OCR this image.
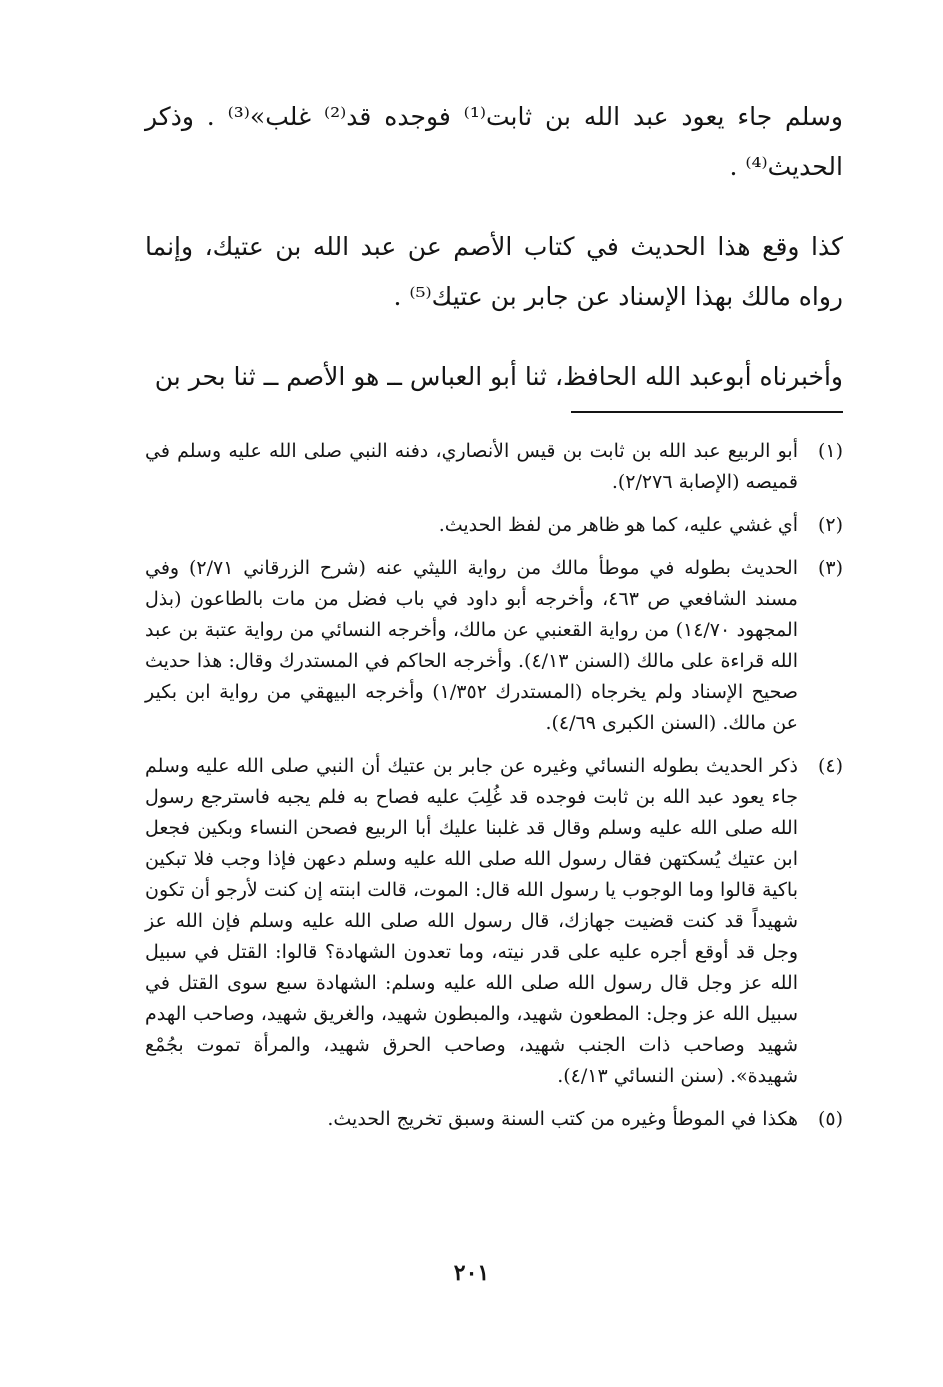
وسلم جاء يعود عبد الله بن ثابت⁽¹⁾ فوجده قد⁽²⁾ غلب»⁽³⁾ . وذكر الحديث⁽⁴⁾ .

كذا وقع هذا الحديث في كتاب الأصم عن عبد الله بن عتيك، وإنما رواه مالك بهذا الإسناد عن جابر بن عتيك⁽⁵⁾ .

وأخبرناه أبوعبد الله الحافظ، ثنا أبو العباس ــ هو الأصم ــ ثنا بحر بن

(١)
أبو الربيع عبد الله بن ثابت بن قيس الأنصاري، دفنه النبي صلى الله عليه وسلم في قميصه (الإصابة ٢/٢٧٦).
(٢)
أي غشي عليه، كما هو ظاهر من لفظ الحديث.
(٣)
الحديث بطوله في موطأ مالك من رواية الليثي عنه (شرح الزرقاني ٢/٧١) وفي مسند الشافعي ص ٤٦٣، وأخرجه أبو داود في باب فضل من مات بالطاعون (بذل المجهود ١٤/٧٠) من رواية القعنبي عن مالك، وأخرجه النسائي من رواية عتبة بن عبد الله قراءة على مالك (السنن ٤/١٣). وأخرجه الحاكم في المستدرك وقال: هذا حديث صحيح الإسناد ولم يخرجاه (المستدرك ١/٣٥٢) وأخرجه البيهقي من رواية ابن بكير عن مالك. (السنن الكبرى ٤/٦٩).
(٤)
ذكر الحديث بطوله النسائي وغيره عن جابر بن عتيك أن النبي صلى الله عليه وسلم جاء يعود عبد الله بن ثابت فوجده قد غُلِبَ عليه فصاح به فلم يجبه فاسترجع رسول الله صلى الله عليه وسلم وقال قد غلبنا عليك أبا الربيع فصحن النساء وبكين فجعل ابن عتيك يُسكتهن فقال رسول الله صلى الله عليه وسلم دعهن فإذا وجب فلا تبكين باكية قالوا وما الوجوب يا رسول الله قال: الموت، قالت ابنته إن كنت لأرجو أن تكون شهيداً قد كنت قضيت جهازك، قال رسول الله صلى الله عليه وسلم فإن الله عز وجل قد أوقع أجره عليه على قدر نيته، وما تعدون الشهادة؟ قالوا: القتل في سبيل الله عز وجل قال رسول الله صلى الله عليه وسلم: الشهادة سبع سوى القتل في سبيل الله عز وجل: المطعون شهيد، والمبطون شهيد، والغريق شهيد، وصاحب الهدم شهيد وصاحب ذات الجنب شهيد، وصاحب الحرق شهيد، والمرأة تموت بجُمْع شهيدة». (سنن النسائي ٤/١٣).
(٥)
هكذا في الموطأ وغيره من كتب السنة وسبق تخريج الحديث.
٢٠١
